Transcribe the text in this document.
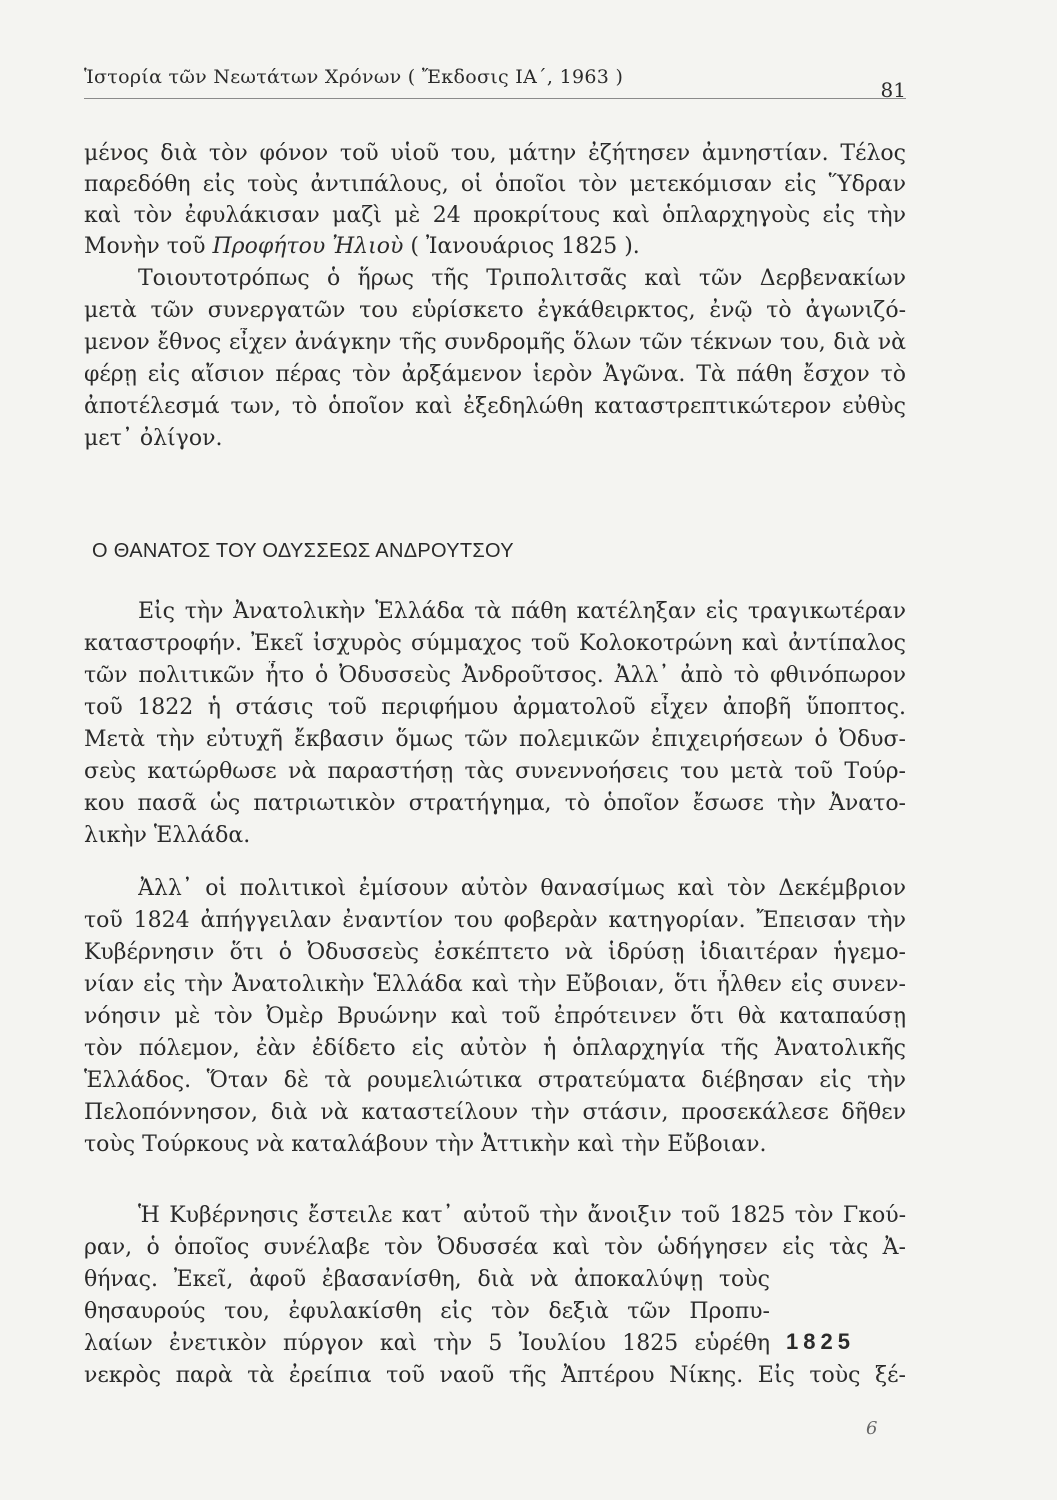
Ἱστορία τῶν Νεωτάτων Χρόνων ( Ἔκδοσις ΙΑ΄, 1963 )
81
μένος διὰ τὸν φόνον τοῦ υἱοῦ του, μάτην ἐζήτησεν ἀμνηστίαν. Τέλος
παρεδόθη εἰς τοὺς ἀντιπάλους, οἱ ὁποῖοι τὸν μετεκόμισαν εἰς Ὕδραν
καὶ τὸν ἐφυλάκισαν μαζὶ μὲ 24 προκρίτους καὶ ὁπλαρχηγοὺς εἰς τὴν
Μονὴν τοῦ Προφήτου Ἠλιοὺ ( Ἰανουάριος 1825 ).
Τοιουτοτρόπως ὁ ἥρως τῆς Τριπολιτσᾶς καὶ τῶν Δερβενακίων
μετὰ τῶν συνεργατῶν του εὑρίσκετο ἐγκάθειρκτος, ἐνῷ τὸ ἀγωνιζό-
μενον ἔθνος εἶχεν ἀνάγκην τῆς συνδρομῆς ὅλων τῶν τέκνων του, διὰ νὰ
φέρῃ εἰς αἴσιον πέρας τὸν ἀρξάμενον ἱερὸν Ἀγῶνα. Τὰ πάθη ἔσχον τὸ
ἀποτέλεσμά των, τὸ ὁποῖον καὶ ἐξεδηλώθη καταστρεπτικώτερον εὐθὺς
μετ᾽ ὀλίγον.
Ο ΘΑΝΑΤΟΣ ΤΟΥ ΟΔΥΣΣΕΩΣ ΑΝΔΡΟΥΤΣΟΥ
Εἰς τὴν Ἀνατολικὴν Ἑλλάδα τὰ πάθη κατέληξαν εἰς τραγικωτέραν
καταστροφήν. Ἐκεῖ ἰσχυρὸς σύμμαχος τοῦ Κολοκοτρώνη καὶ ἀντίπαλος
τῶν πολιτικῶν ἦτο ὁ Ὀδυσσεὺς Ἀνδροῦτσος. Ἀλλ᾽ ἀπὸ τὸ φθινόπωρον
τοῦ 1822 ἡ στάσις τοῦ περιφήμου ἀρματολοῦ εἶχεν ἀποβῆ ὕποπτος.
Μετὰ τὴν εὐτυχῆ ἔκβασιν ὅμως τῶν πολεμικῶν ἐπιχειρήσεων ὁ Ὀδυσ-
σεὺς κατώρθωσε νὰ παραστήσῃ τὰς συνεννοήσεις του μετὰ τοῦ Τούρ-
κου πασᾶ ὡς πατριωτικὸν στρατήγημα, τὸ ὁποῖον ἔσωσε τὴν Ἀνατο-
λικὴν Ἑλλάδα.
Ἀλλ᾽ οἱ πολιτικοὶ ἐμίσουν αὐτὸν θανασίμως καὶ τὸν Δεκέμβριον
τοῦ 1824 ἀπήγγειλαν ἐναντίον του φοβερὰν κατηγορίαν. Ἔπεισαν τὴν
Κυβέρνησιν ὅτι ὁ Ὀδυσσεὺς ἐσκέπτετο νὰ ἱδρύσῃ ἰδιαιτέραν ἡγεμο-
νίαν εἰς τὴν Ἀνατολικὴν Ἑλλάδα καὶ τὴν Εὔβοιαν, ὅτι ἦλθεν εἰς συνεν-
νόησιν μὲ τὸν Ὀμὲρ Βρυώνην καὶ τοῦ ἐπρότεινεν ὅτι θὰ καταπαύσῃ
τὸν πόλεμον, ἐὰν ἐδίδετο εἰς αὐτὸν ἡ ὁπλαρχηγία τῆς Ἀνατολικῆς
Ἑλλάδος. Ὅταν δὲ τὰ ρουμελιώτικα στρατεύματα διέβησαν εἰς τὴν
Πελοπόννησον, διὰ νὰ καταστείλουν τὴν στάσιν, προσεκάλεσε δῆθεν
τοὺς Τούρκους νὰ καταλάβουν τὴν Ἀττικὴν καὶ τὴν Εὔβοιαν.
Ἡ Κυβέρνησις ἔστειλε κατ᾽ αὐτοῦ τὴν ἄνοιξιν τοῦ 1825 τὸν Γκού-
ραν, ὁ ὁποῖος συνέλαβε τὸν Ὀδυσσέα καὶ τὸν ὡδήγησεν εἰς τὰς Ἀ-
θήνας. Ἐκεῖ, ἀφοῦ ἐβασανίσθη, διὰ νὰ ἀποκαλύψῃ τοὺς
θησαυρούς του, ἐφυλακίσθη εἰς τὸν δεξιὰ τῶν Προπυ-
λαίων ἐνετικὸν πύργον καὶ τὴν 5 Ἰουλίου 1825 εὑρέθη
νεκρὸς παρὰ τὰ ἐρείπια τοῦ ναοῦ τῆς Ἀπτέρου Νίκης. Εἰς τοὺς ξέ-
1825
6
